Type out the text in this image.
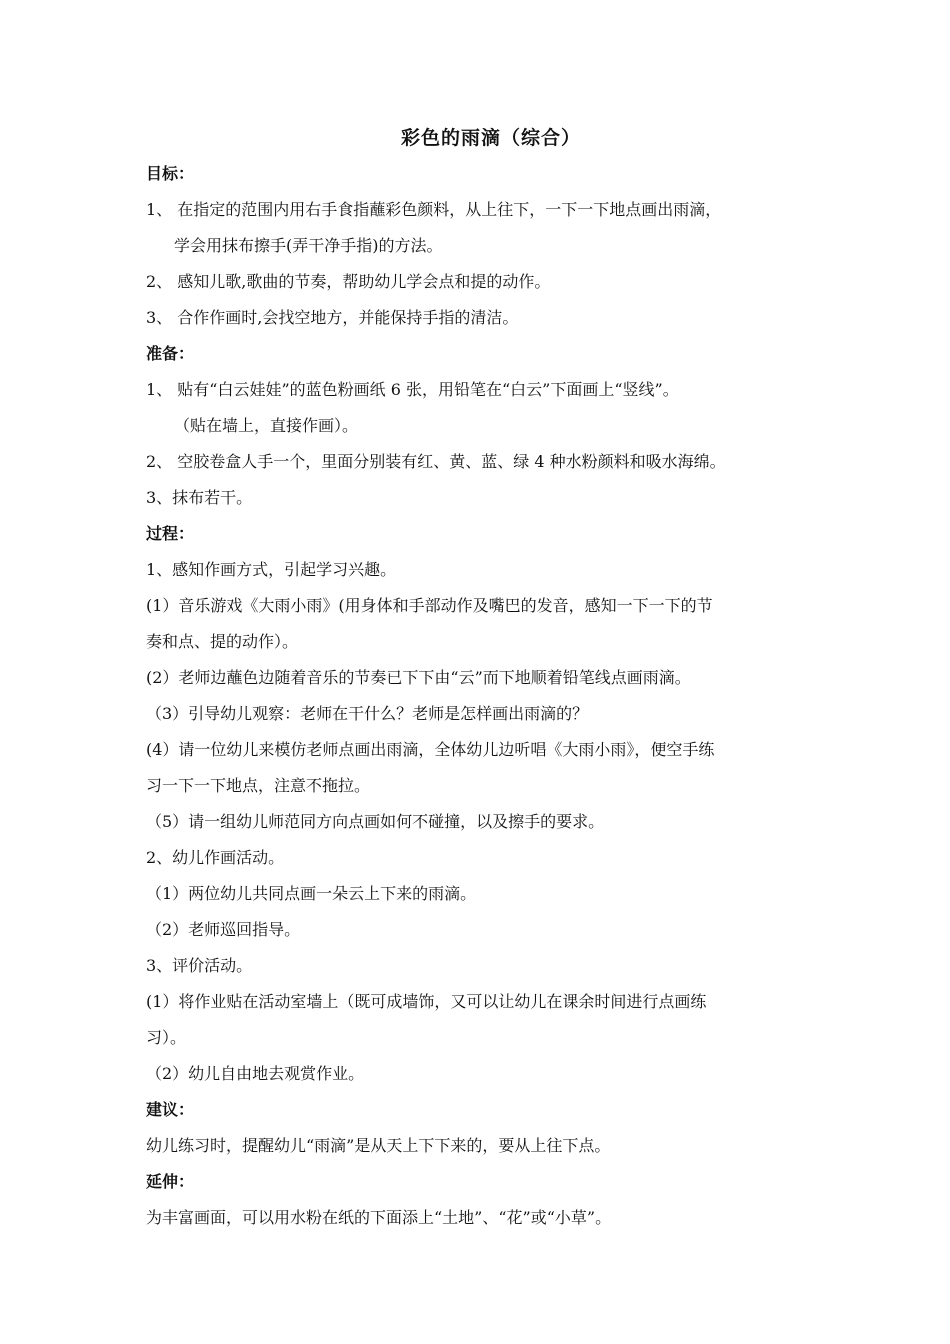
彩色的雨滴（综合）
目标：
1、 在指定的范围内用右手食指蘸彩色颜料，从上往下，一下一下地点画出雨滴，
学会用抹布擦手(弄干净手指)的方法。
2、 感知儿歌,歌曲的节奏，帮助幼儿学会点和提的动作。
3、 合作作画时,会找空地方，并能保持手指的清洁。
准备：
1、 贴有“白云娃娃”的蓝色粉画纸 6 张，用铅笔在“白云”下面画上“竖线”。
（贴在墙上，直接作画）。
2、 空胶卷盒人手一个，里面分别装有红、黄、蓝、绿 4 种水粉颜料和吸水海绵。
3、抹布若干。
过程：
1、感知作画方式，引起学习兴趣。
(1）音乐游戏《大雨小雨》(用身体和手部动作及嘴巴的发音，感知一下一下的节
奏和点、提的动作）。
(2）老师边蘸色边随着音乐的节奏已下下由“云”而下地顺着铅笔线点画雨滴。
（3）引导幼儿观察：老师在干什么？老师是怎样画出雨滴的？
(4）请一位幼儿来模仿老师点画出雨滴，全体幼儿边听唱《大雨小雨》，便空手练
习一下一下地点，注意不拖拉。
（5）请一组幼儿师范同方向点画如何不碰撞，以及擦手的要求。
2、幼儿作画活动。
（1）两位幼儿共同点画一朵云上下来的雨滴。
（2）老师巡回指导。
3、评价活动。
(1）将作业贴在活动室墙上（既可成墙饰，又可以让幼儿在课余时间进行点画练
习）。
（2）幼儿自由地去观赏作业。
建议：
幼儿练习时，提醒幼儿“雨滴”是从天上下下来的，要从上往下点。
延伸：
为丰富画面，可以用水粉在纸的下面添上“土地”、“花”或“小草”。
